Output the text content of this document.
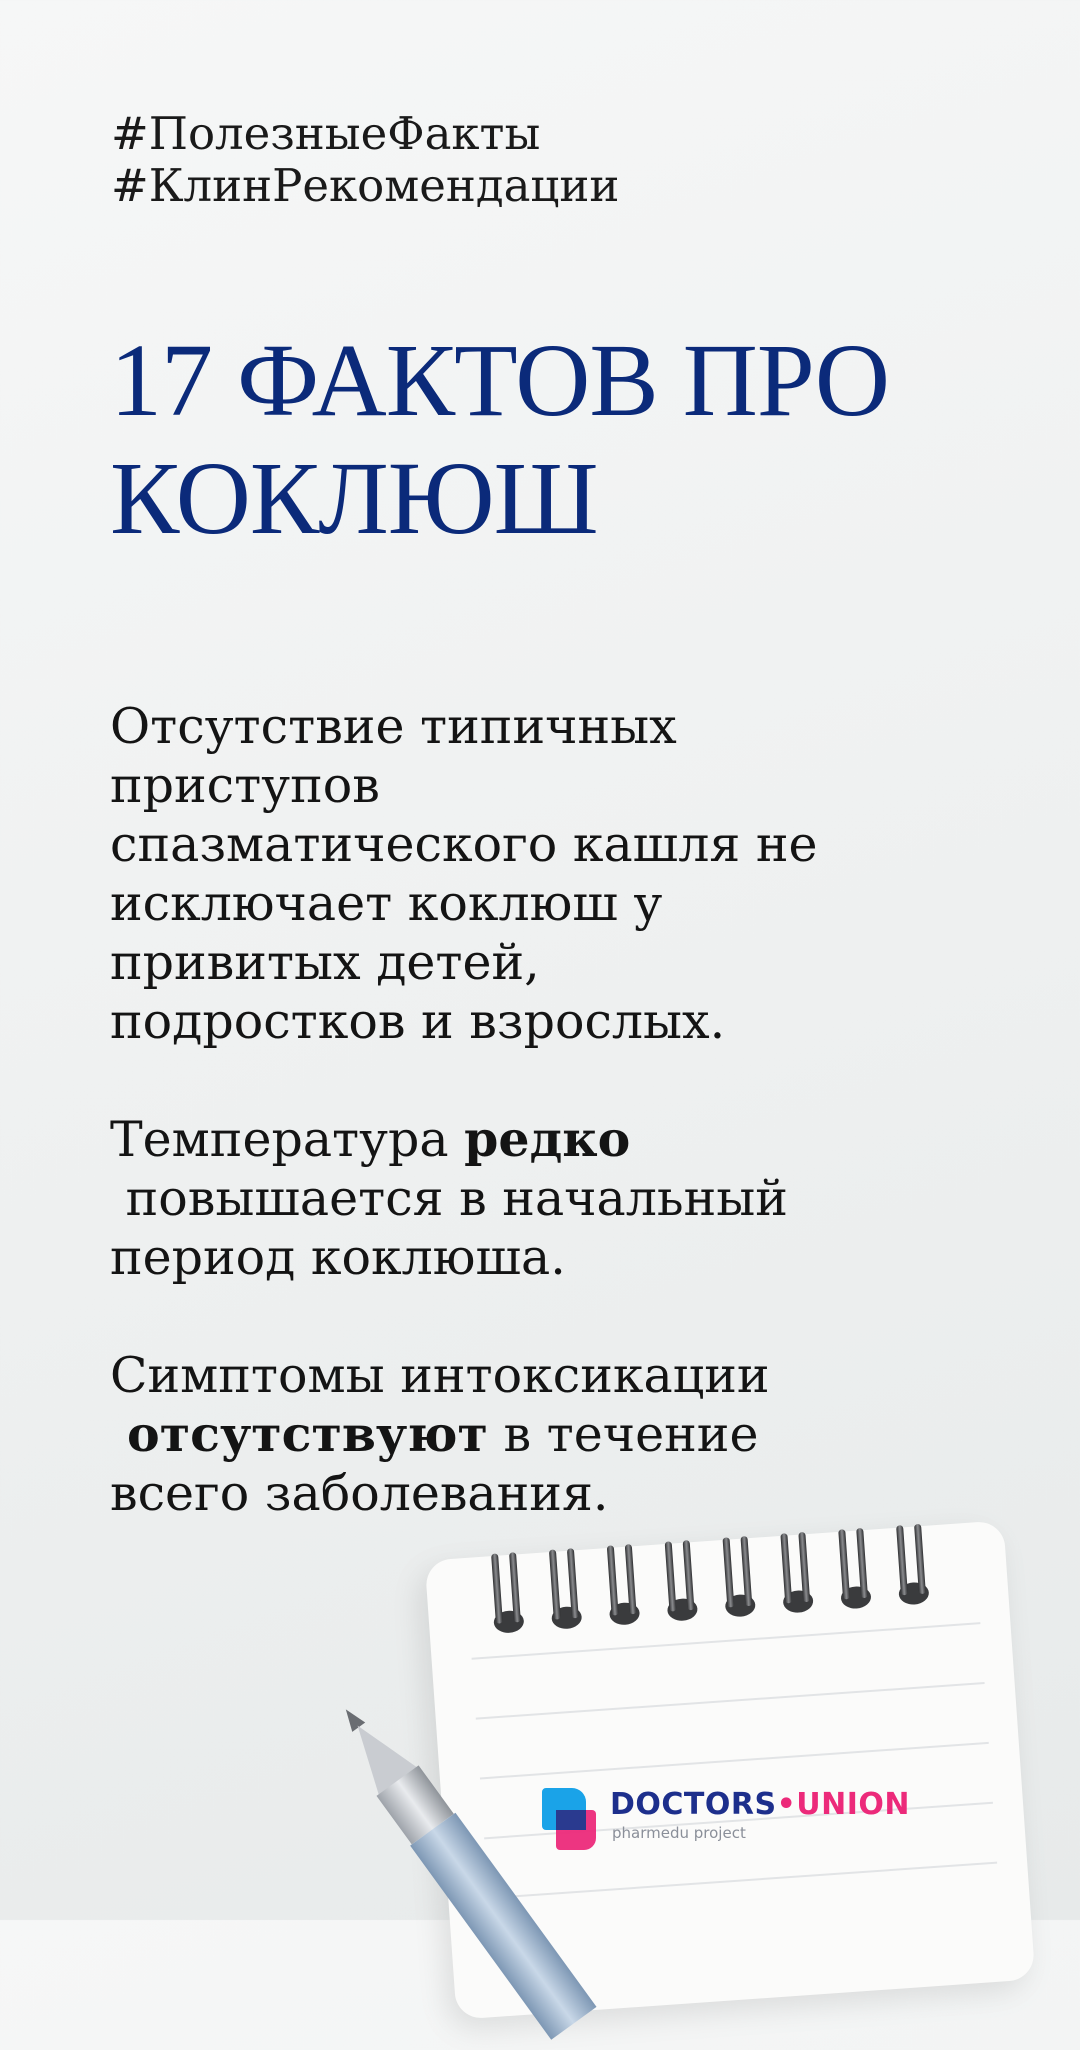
#ПолезныеФакты
#КлинРекомендации
17 ФАКТОВ ПРО
КОКЛЮШ
Отсутствие типичных
приступов
спазматического кашля не
исключает коклюш у
привитых детей,
подростков и взрослых.
Температура редко
повышается в начальный
период коклюша.
Симптомы интоксикации
отсутствуют в течение
всего заболевания.
DOCTORS•UNION
pharmedu project
